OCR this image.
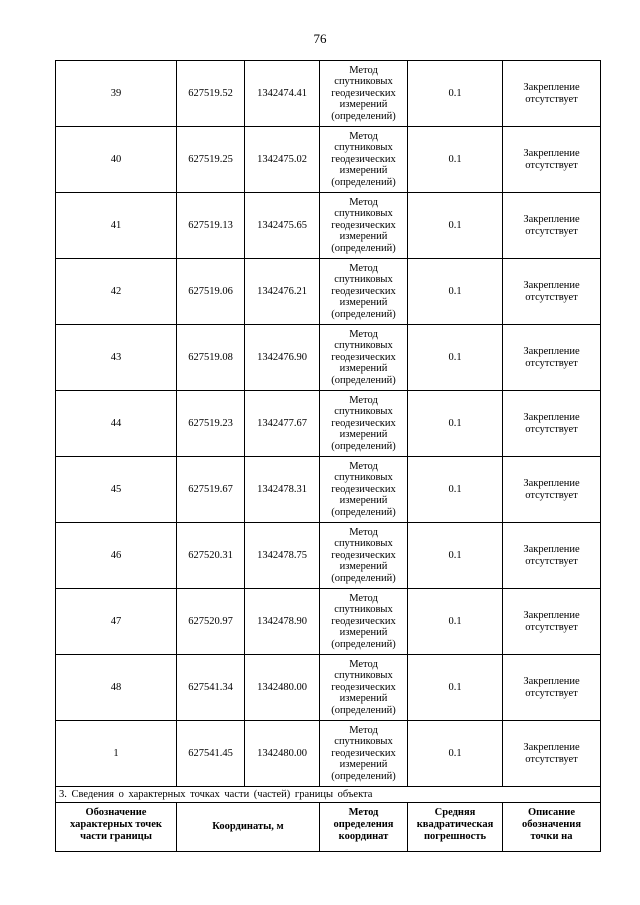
76
39	627519.52	1342474.41	Метод
спутниковых
геодезических
измерений
(определений)	0.1	Закрепление
отсутствует
40	627519.25	1342475.02	Метод
спутниковых
геодезических
измерений
(определений)	0.1	Закрепление
отсутствует
41	627519.13	1342475.65	Метод
спутниковых
геодезических
измерений
(определений)	0.1	Закрепление
отсутствует
42	627519.06	1342476.21	Метод
спутниковых
геодезических
измерений
(определений)	0.1	Закрепление
отсутствует
43	627519.08	1342476.90	Метод
спутниковых
геодезических
измерений
(определений)	0.1	Закрепление
отсутствует
44	627519.23	1342477.67	Метод
спутниковых
геодезических
измерений
(определений)	0.1	Закрепление
отсутствует
45	627519.67	1342478.31	Метод
спутниковых
геодезических
измерений
(определений)	0.1	Закрепление
отсутствует
46	627520.31	1342478.75	Метод
спутниковых
геодезических
измерений
(определений)	0.1	Закрепление
отсутствует
47	627520.97	1342478.90	Метод
спутниковых
геодезических
измерений
(определений)	0.1	Закрепление
отсутствует
48	627541.34	1342480.00	Метод
спутниковых
геодезических
измерений
(определений)	0.1	Закрепление
отсутствует
1	627541.45	1342480.00	Метод
спутниковых
геодезических
измерений
(определений)	0.1	Закрепление
отсутствует
3. Сведения о характерных точках части (частей) границы объекта					
Обозначение
характерных точек
части границы	Координаты, м		Метод
определения
координат	Средняя
квадратическая
погрешность	Описание
обозначения
точки на
